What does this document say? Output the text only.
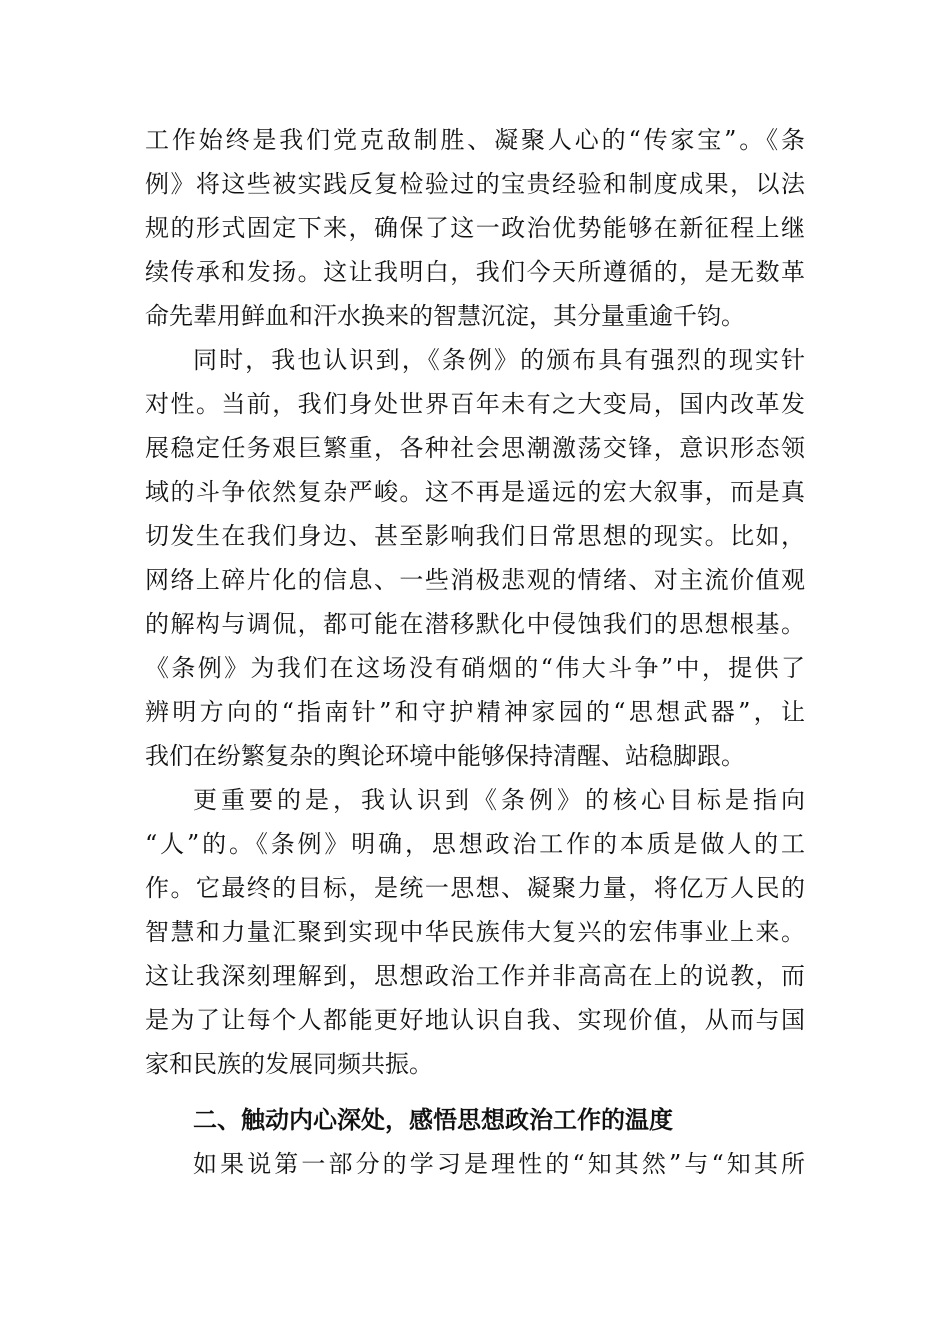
工作始终是我们党克敌制胜、凝聚人心的“传家宝”。《条
例》将这些被实践反复检验过的宝贵经验和制度成果，以法
规的形式固定下来，确保了这一政治优势能够在新征程上继
续传承和发扬。这让我明白，我们今天所遵循的，是无数革
命先辈用鲜血和汗水换来的智慧沉淀，其分量重逾千钧。
同时，我也认识到，《条例》的颁布具有强烈的现实针
对性。当前，我们身处世界百年未有之大变局，国内改革发
展稳定任务艰巨繁重，各种社会思潮激荡交锋，意识形态领
域的斗争依然复杂严峻。这不再是遥远的宏大叙事，而是真
切发生在我们身边、甚至影响我们日常思想的现实。比如，
网络上碎片化的信息、一些消极悲观的情绪、对主流价值观
的解构与调侃，都可能在潜移默化中侵蚀我们的思想根基。
《条例》为我们在这场没有硝烟的“伟大斗争”中，提供了
辨明方向的“指南针”和守护精神家园的“思想武器”，让
我们在纷繁复杂的舆论环境中能够保持清醒、站稳脚跟。
更重要的是，我认识到《条例》的核心目标是指向
“人”的。《条例》明确，思想政治工作的本质是做人的工
作。它最终的目标，是统一思想、凝聚力量，将亿万人民的
智慧和力量汇聚到实现中华民族伟大复兴的宏伟事业上来。
这让我深刻理解到，思想政治工作并非高高在上的说教，而
是为了让每个人都能更好地认识自我、实现价值，从而与国
家和民族的发展同频共振。
二、触动内心深处，感悟思想政治工作的温度
如果说第一部分的学习是理性的“知其然”与“知其所
